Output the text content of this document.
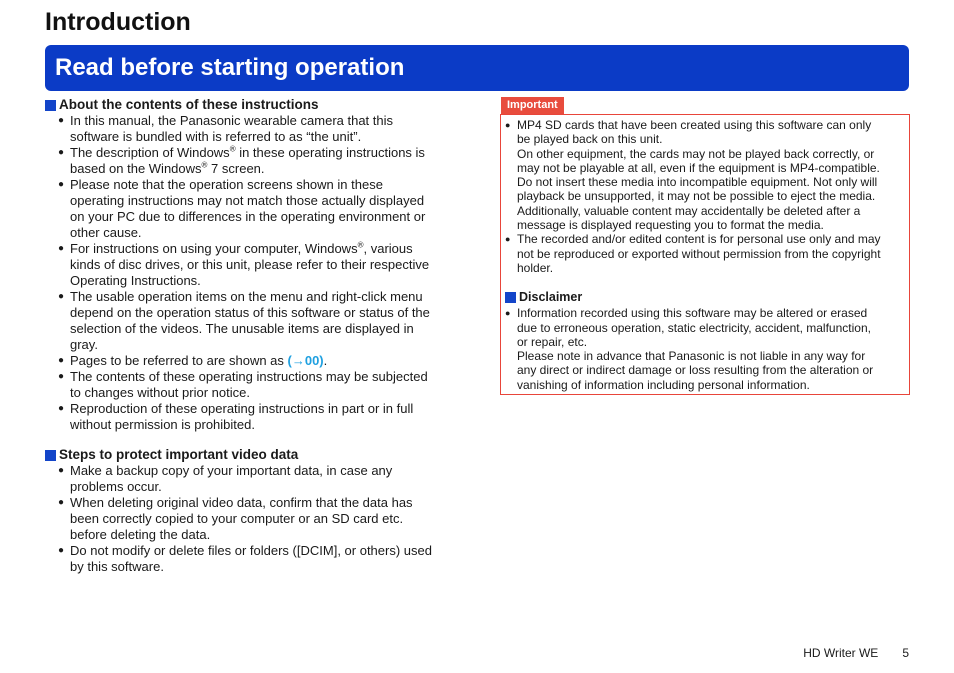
Introduction
Read before starting operation
About the contents of these instructions
● In this manual, the Panasonic wearable camera that this
software is bundled with is referred to as “the unit”.
● The description of Windows® in these operating instructions is
based on the Windows® 7 screen.
● Please note that the operation screens shown in these
operating instructions may not match those actually displayed
on your PC due to differences in the operating environment or
other cause.
● For instructions on using your computer, Windows®, various
kinds of disc drives, or this unit, please refer to their respective
Operating Instructions.
● The usable operation items on the menu and right-click menu
depend on the operation status of this software or status of the
selection of the videos. The unusable items are displayed in
gray.
● Pages to be referred to are shown as (→00).
● The contents of these operating instructions may be subjected
to changes without prior notice.
● Reproduction of these operating instructions in part or in full
without permission is prohibited.
Steps to protect important video data
● Make a backup copy of your important data, in case any
problems occur.
● When deleting original video data, confirm that the data has
been correctly copied to your computer or an SD card etc.
before deleting the data.
● Do not modify or delete files or folders ([DCIM], or others) used
by this software.
Important
● MP4 SD cards that have been created using this software can only
be played back on this unit.
On other equipment, the cards may not be played back correctly, or
may not be playable at all, even if the equipment is MP4-compatible.
Do not insert these media into incompatible equipment. Not only will
playback be unsupported, it may not be possible to eject the media.
Additionally, valuable content may accidentally be deleted after a
message is displayed requesting you to format the media.
● The recorded and/or edited content is for personal use only and may
not be reproduced or exported without permission from the copyright
holder.
Disclaimer
● Information recorded using this software may be altered or erased
due to erroneous operation, static electricity, accident, malfunction,
or repair, etc.
Please note in advance that Panasonic is not liable in any way for
any direct or indirect damage or loss resulting from the alteration or
vanishing of information including personal information.
HD Writer WE 5
